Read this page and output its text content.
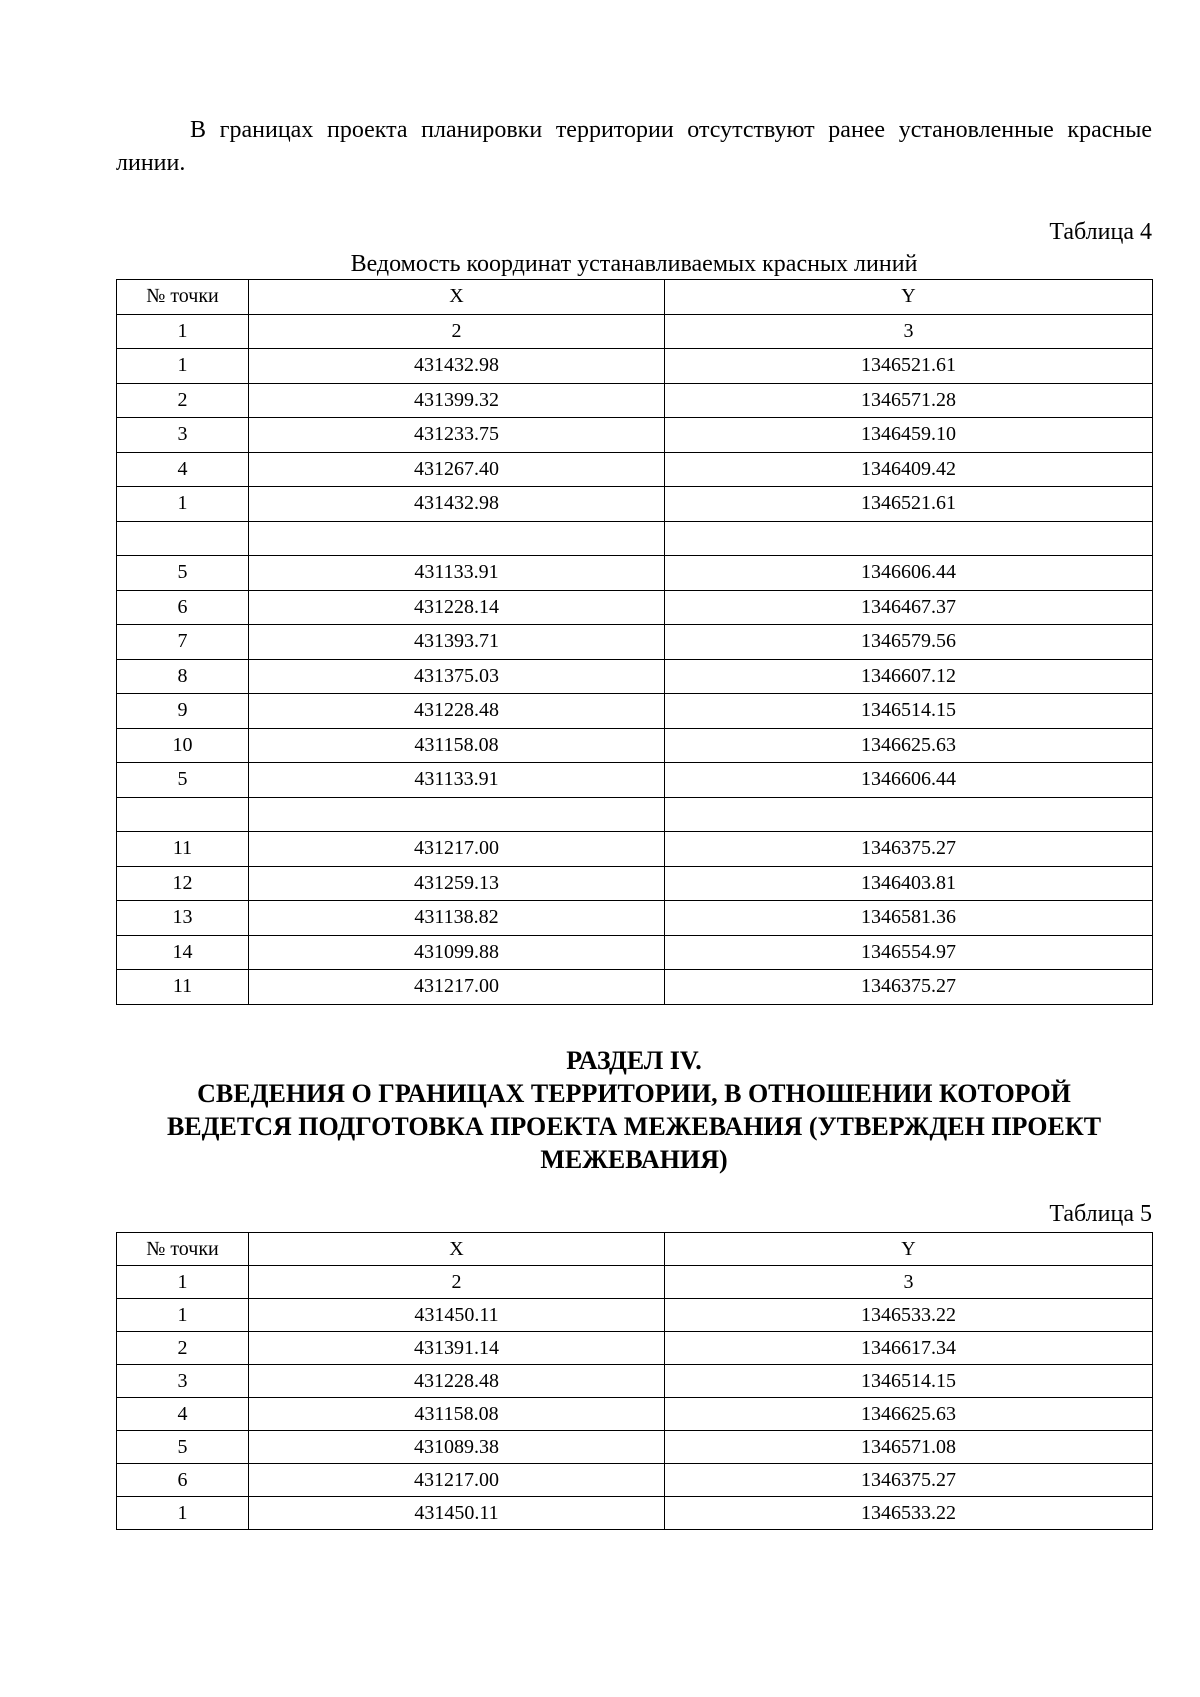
В границах проекта планировки территории отсутствуют ранее установленные красные линии.

Таблица 4
Ведомость координат устанавливаемых красных линий
№ точки	X	Y
1	2	3
1	431432.98	1346521.61
2	431399.32	1346571.28
3	431233.75	1346459.10
4	431267.40	1346409.42
1	431432.98	1346521.61

5	431133.91	1346606.44
6	431228.14	1346467.37
7	431393.71	1346579.56
8	431375.03	1346607.12
9	431228.48	1346514.15
10	431158.08	1346625.63
5	431133.91	1346606.44

11	431217.00	1346375.27
12	431259.13	1346403.81
13	431138.82	1346581.36
14	431099.88	1346554.97
11	431217.00	1346375.27
РАЗДЕЛ IV.
СВЕДЕНИЯ О ГРАНИЦАХ ТЕРРИТОРИИ, В ОТНОШЕНИИ КОТОРОЙ
ВЕДЕТСЯ ПОДГОТОВКА ПРОЕКТА МЕЖЕВАНИЯ (УТВЕРЖДЕН ПРОЕКТ
МЕЖЕВАНИЯ)
Таблица 5
№ точки	X	Y
1	2	3
1	431450.11	1346533.22
2	431391.14	1346617.34
3	431228.48	1346514.15
4	431158.08	1346625.63
5	431089.38	1346571.08
6	431217.00	1346375.27
1	431450.11	1346533.22
